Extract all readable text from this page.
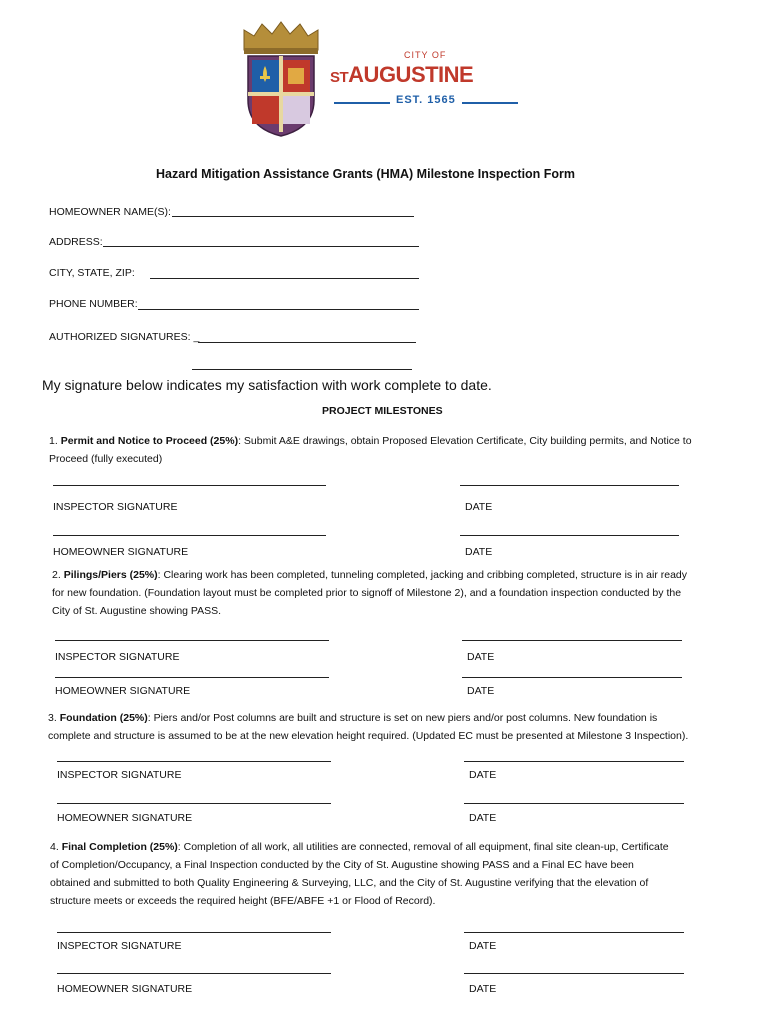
CITY OF
STAUGUSTINE
EST. 1565
Hazard Mitigation Assistance Grants (HMA) Milestone Inspection Form
HOMEOWNER NAME(S):
ADDRESS:
CITY, STATE, ZIP:
PHONE NUMBER:
AUTHORIZED SIGNATURES: _
My signature below indicates my satisfaction with work complete to date.
PROJECT MILESTONES
1. Permit and Notice to Proceed (25%): Submit A&E drawings, obtain Proposed Elevation Certificate, City building permits, and Notice to Proceed (fully executed)
INSPECTOR SIGNATURE	DATE
HOMEOWNER SIGNATURE	DATE
2. Pilings/Piers (25%): Clearing work has been completed, tunneling completed, jacking and cribbing completed, structure is in air ready for new foundation. (Foundation layout must be completed prior to signoff of Milestone 2), and a foundation inspection conducted by the City of St. Augustine showing PASS.
INSPECTOR SIGNATURE	DATE
HOMEOWNER SIGNATURE	DATE
3. Foundation (25%): Piers and/or Post columns are built and structure is set on new piers and/or post columns. New foundation is complete and structure is assumed to be at the new elevation height required. (Updated EC must be presented at Milestone 3 Inspection).
INSPECTOR SIGNATURE	DATE
HOMEOWNER SIGNATURE	DATE
4. Final Completion (25%): Completion of all work, all utilities are connected, removal of all equipment, final site clean-up, Certificate of Completion/Occupancy, a Final Inspection conducted by the City of St. Augustine showing PASS and a Final EC have been obtained and submitted to both Quality Engineering & Surveying, LLC, and the City of St. Augustine verifying that the elevation of structure meets or exceeds the required height (BFE/ABFE +1 or Flood of Record).
INSPECTOR SIGNATURE	DATE
HOMEOWNER SIGNATURE	DATE
